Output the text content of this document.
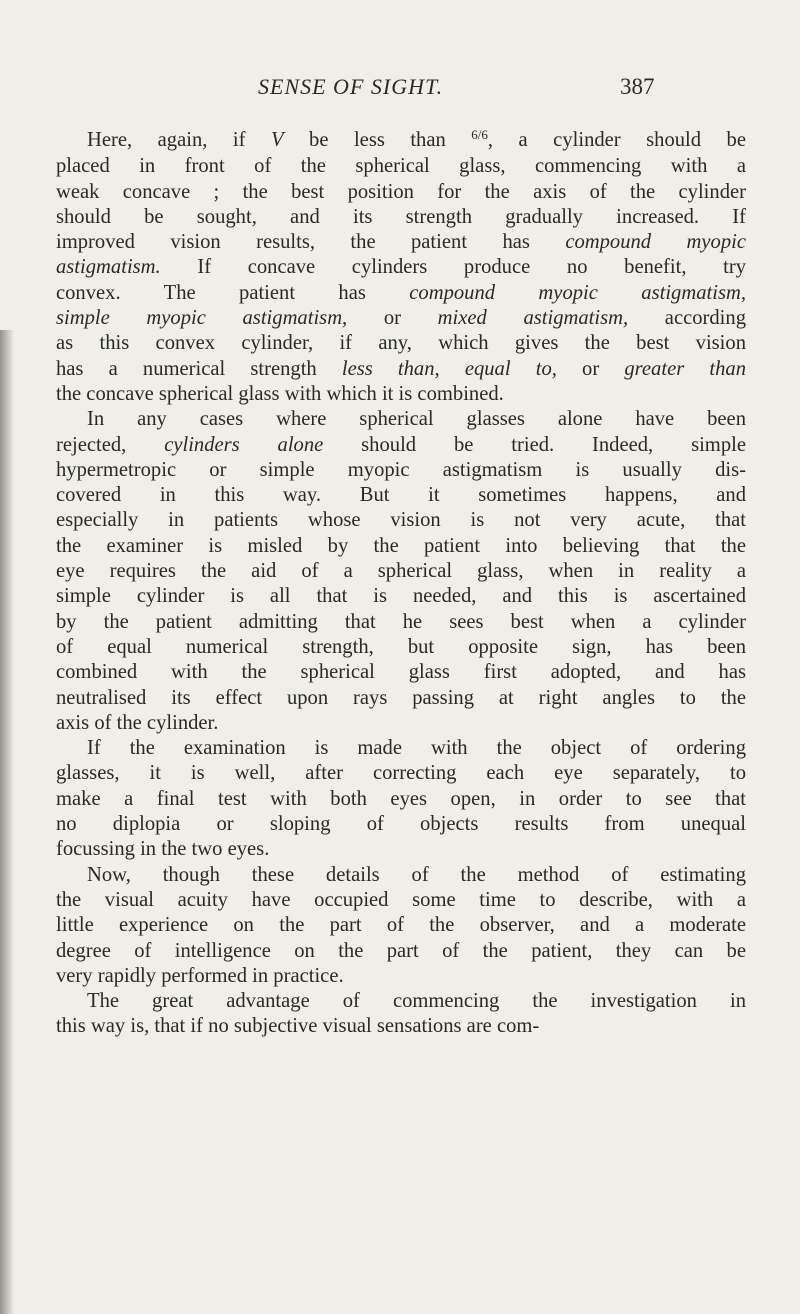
SENSE OF SIGHT.	387

Here, again, if V be less than $^{6/6}$, a cylinder should be
placed in front of the spherical glass, commencing with a
weak concave ; the best position for the axis of the cylinder
should be sought, and its strength gradually increased. If
improved vision results, the patient has compound myopic
astigmatism. If concave cylinders produce no benefit, try
convex. The patient has compound myopic astigmatism,
simple myopic astigmatism, or mixed astigmatism, according
as this convex cylinder, if any, which gives the best vision
has a numerical strength less than, equal to, or greater than
the concave spherical glass with which it is combined.

In any cases where spherical glasses alone have been
rejected, cylinders alone should be tried. Indeed, simple
hypermetropic or simple myopic astigmatism is usually dis-
covered in this way. But it sometimes happens, and
especially in patients whose vision is not very acute, that
the examiner is misled by the patient into believing that the
eye requires the aid of a spherical glass, when in reality a
simple cylinder is all that is needed, and this is ascertained
by the patient admitting that he sees best when a cylinder
of equal numerical strength, but opposite sign, has been
combined with the spherical glass first adopted, and has
neutralised its effect upon rays passing at right angles to the
axis of the cylinder.

If the examination is made with the object of ordering
glasses, it is well, after correcting each eye separately, to
make a final test with both eyes open, in order to see that
no diplopia or sloping of objects results from unequal
focussing in the two eyes.

Now, though these details of the method of estimating
the visual acuity have occupied some time to describe, with a
little experience on the part of the observer, and a moderate
degree of intelligence on the part of the patient, they can be
very rapidly performed in practice.

The great advantage of commencing the investigation in
this way is, that if no subjective visual sensations are com-
